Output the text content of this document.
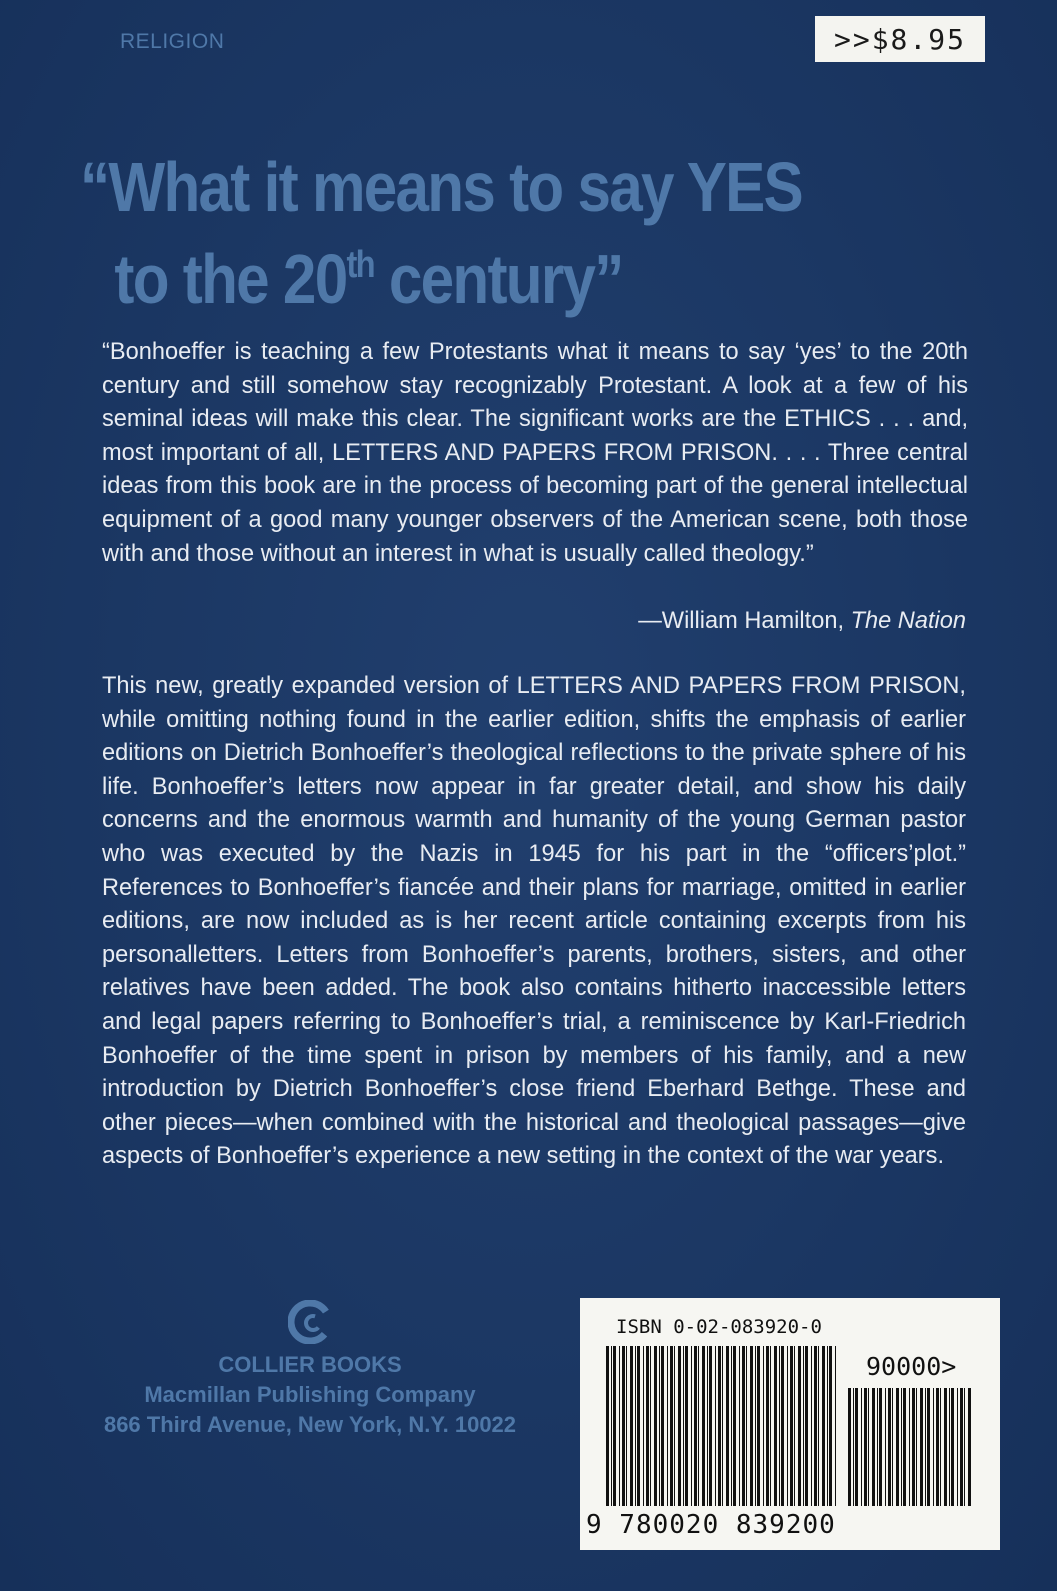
RELIGION	>>$8.95
“What it means to say YES
to the 20th century”
“Bonhoeffer is teaching a few Protestants what it means to say ‘yes’ to the 20th century and still somehow stay recognizably Protestant. A look at a few of his seminal ideas will make this clear. The significant works are the ETHICS . . . and, most important of all, LETTERS AND PAPERS FROM PRISON. . . . Three central ideas from this book are in the process of becoming part of the general intellectual equipment of a good many younger observers of the American scene, both those with and those without an interest in what is usually called theology.”
—William Hamilton, The Nation
This new, greatly expanded version of LETTERS AND PAPERS FROM PRISON, while omitting nothing found in the earlier edition, shifts the emphasis of earlier editions on Dietrich Bonhoeffer’s theological reflections to the private sphere of his life. Bonhoeffer’s letters now appear in far greater detail, and show his daily concerns and the enormous warmth and humanity of the young German pastor who was executed by the Nazis in 1945 for his part in the “officers’plot.” References to Bonhoeffer’s fiancée and their plans for marriage, omitted in earlier editions, are now included as is her recent article containing excerpts from his personalletters. Letters from Bonhoeffer’s parents, brothers, sisters, and other relatives have been added. The book also contains hitherto inaccessible letters and legal papers referring to Bonhoeffer’s trial, a reminiscence by Karl-Friedrich Bonhoeffer of the time spent in prison by members of his family, and a new introduction by Dietrich Bonhoeffer’s close friend Eberhard Bethge. These and other pieces—when combined with the historical and theological passages—give aspects of Bonhoeffer’s experience a new setting in the context of the war years.
COLLIER BOOKS
Macmillan Publishing Company
866 Third Avenue, New York, N.Y. 10022
ISBN 0-02-083920-0
90000>
9 780020 839200
